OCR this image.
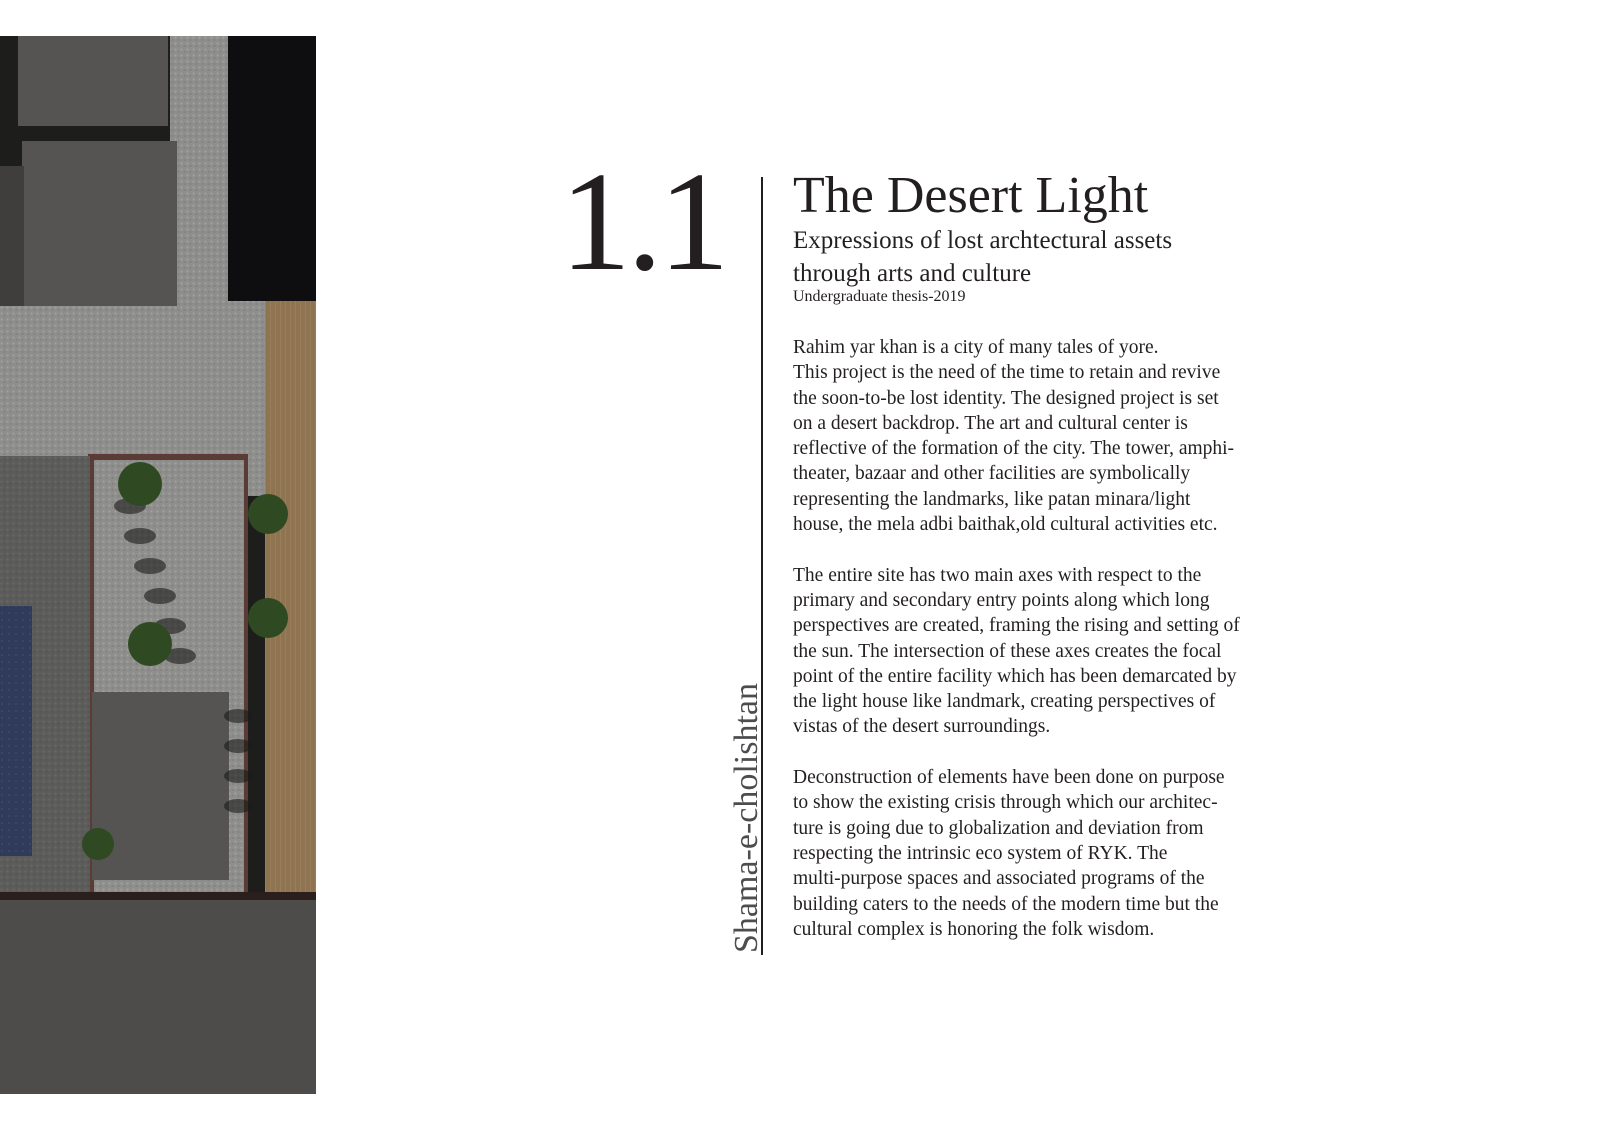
1.1
Shama-e-cholishtan
The Desert Light
Expressions of lost archtectural assets
through arts and culture
Undergraduate thesis-2019
Rahim yar khan is a city of many tales of yore.
This project is the need of the time to retain and revive
the soon-to-be lost identity. The designed project is set
on a desert backdrop. The art and cultural center is
reflective of the formation of the city. The tower, amphi-
theater, bazaar and other facilities are symbolically
representing the landmarks, like patan minara/light
house, the mela adbi baithak,old cultural activities etc.
The entire site has two main axes with respect to the
primary and secondary entry points along which long
perspectives are created, framing the rising and setting of
the sun. The intersection of these axes creates the focal
point of the entire facility which has been demarcated by
the light house like landmark, creating perspectives of
vistas of the desert surroundings.
Deconstruction of elements have been done on purpose
to show the existing crisis through which our architec-
ture is going due to globalization and deviation from
respecting the intrinsic eco system of RYK. The
multi-purpose spaces and associated programs of the
building caters to the needs of the modern time but the
cultural complex is honoring the folk wisdom.
